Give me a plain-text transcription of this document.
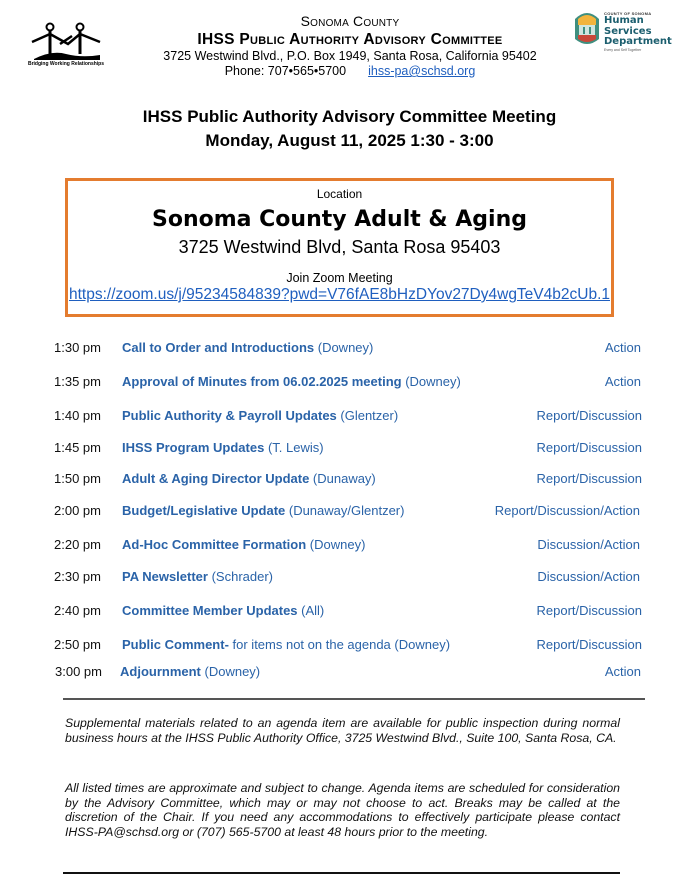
Bridging Working Relationships
Sonoma County
IHSS Public Authority Advisory Committee
3725 Westwind Blvd., P.O. Box 1949, Santa Rosa, California 95402
Phone: 707•565•5700 ihss-pa@schsd.org
COUNTY OF SONOMA
Human Services
Department
Every and Self Together
IHSS Public Authority Advisory Committee Meeting
Monday, August 11, 2025 1:30 - 3:00
Location
Sonoma County Adult & Aging
3725 Westwind Blvd, Santa Rosa 95403
Join Zoom Meeting
https://zoom.us/j/95234584839?pwd=V76fAE8bHzDYov27Dy4wgTeV4b2cUb.1
1:30 pm Call to Order and Introductions (Downey)	Action
1:35 pm Approval of Minutes from 06.02.2025 meeting (Downey)	Action
1:40 pm Public Authority & Payroll Updates (Glentzer)	Report/Discussion
1:45 pm IHSS Program Updates (T. Lewis)	Report/Discussion
1:50 pm Adult & Aging Director Update (Dunaway)	Report/Discussion
2:00 pm Budget/Legislative Update (Dunaway/Glentzer)	Report/Discussion/Action
2:20 pm Ad-Hoc Committee Formation (Downey)	Discussion/Action
2:30 pm PA Newsletter (Schrader)	Discussion/Action
2:40 pm Committee Member Updates (All)	Report/Discussion
2:50 pm Public Comment- for items not on the agenda (Downey)	Report/Discussion
3:00 pm Adjournment (Downey)	Action
Supplemental materials related to an agenda item are available for public inspection during normal business hours at the IHSS Public Authority Office, 3725 Westwind Blvd., Suite 100, Santa Rosa, CA.
All listed times are approximate and subject to change. Agenda items are scheduled for consideration by the Advisory Committee, which may or may not choose to act. Breaks may be called at the discretion of the Chair. If you need any accommodations to effectively participate please contact IHSS-PA@schsd.org or (707) 565-5700 at least 48 hours prior to the meeting.
